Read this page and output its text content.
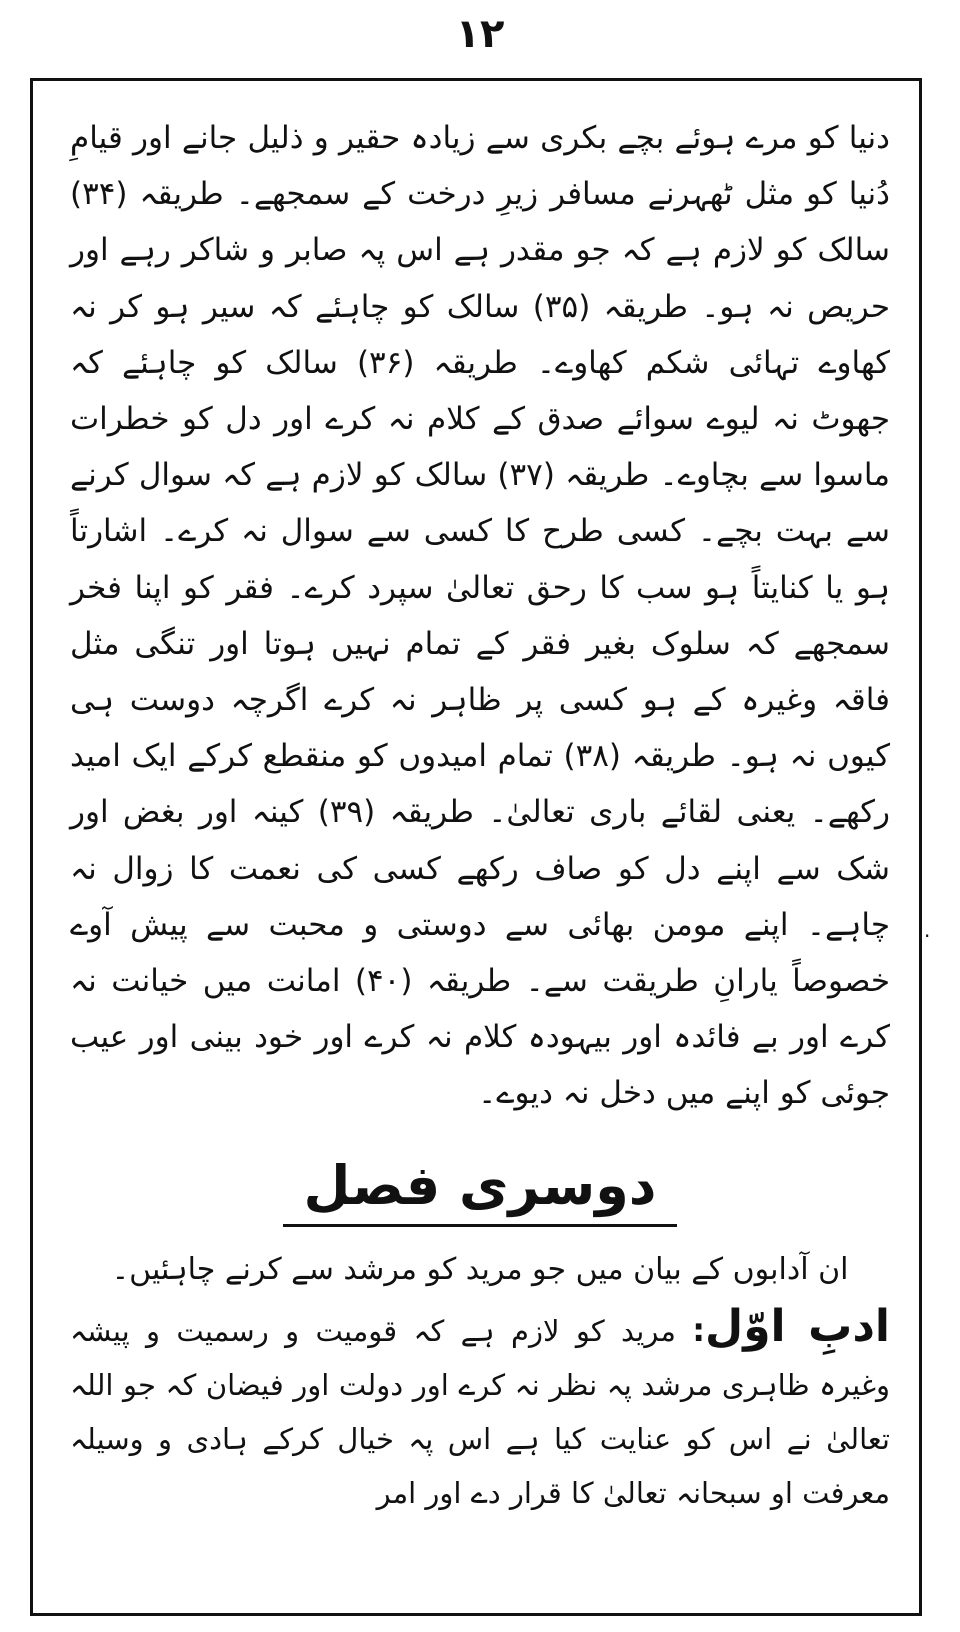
۱۲

دنیا کو مرے ہوئے بچے بکری سے زیادہ حقیر و ذلیل جانے اور قیامِ دُنیا کو مثل ٹھہرنے مسافر زیرِ درخت کے سمجھے۔ طریقہ (۳۴) سالک کو لازم ہے کہ جو مقدر ہے اس پہ صابر و شاکر رہے اور حریص نہ ہو۔ طریقہ (۳۵) سالک کو چاہئے کہ سیر ہو کر نہ کھاوے تہائی شکم کھاوے۔ طریقہ (۳۶) سالک کو چاہئے کہ جھوٹ نہ لیوے سوائے صدق کے کلام نہ کرے اور دل کو خطرات ماسوا سے بچاوے۔ طریقہ (۳۷) سالک کو لازم ہے کہ سوال کرنے سے بہت بچے۔ کسی طرح کا کسی سے سوال نہ کرے۔ اشارتاً ہو یا کنایتاً ہو سب کا رحق تعالیٰ سپرد کرے۔ فقر کو اپنا فخر سمجھے کہ سلوک بغیر فقر کے تمام نہیں ہوتا اور تنگی مثل فاقہ وغیرہ کے ہو کسی پر ظاہر نہ کرے اگرچہ دوست ہی کیوں نہ ہو۔ طریقہ (۳۸) تمام امیدوں کو منقطع کرکے ایک امید رکھے۔ یعنی لقائے باری تعالیٰ۔ طریقہ (۳۹) کینہ اور بغض اور شک سے اپنے دل کو صاف رکھے کسی کی نعمت کا زوال نہ چاہے۔ اپنے مومن بھائی سے دوستی و محبت سے پیش آوے خصوصاً یارانِ طریقت سے۔ طریقہ (۴۰) امانت میں خیانت نہ کرے اور بے فائدہ اور بیہودہ کلام نہ کرے اور خود بینی اور عیب جوئی کو اپنے میں دخل نہ دیوے۔

.
دوسری فصل

ان آدابوں کے بیان میں جو مرید کو مرشد سے کرنے چاہئیں۔

ادبِ اوّل: مرید کو لازم ہے کہ قومیت و رسمیت و پیشہ وغیرہ ظاہری مرشد پہ نظر نہ کرے اور دولت اور فیضان کہ جو اللہ تعالیٰ نے اس کو عنایت کیا ہے اس پہ خیال کرکے ہادی و وسیلہ معرفت او سبحانہ تعالیٰ کا قرار دے اور امر
